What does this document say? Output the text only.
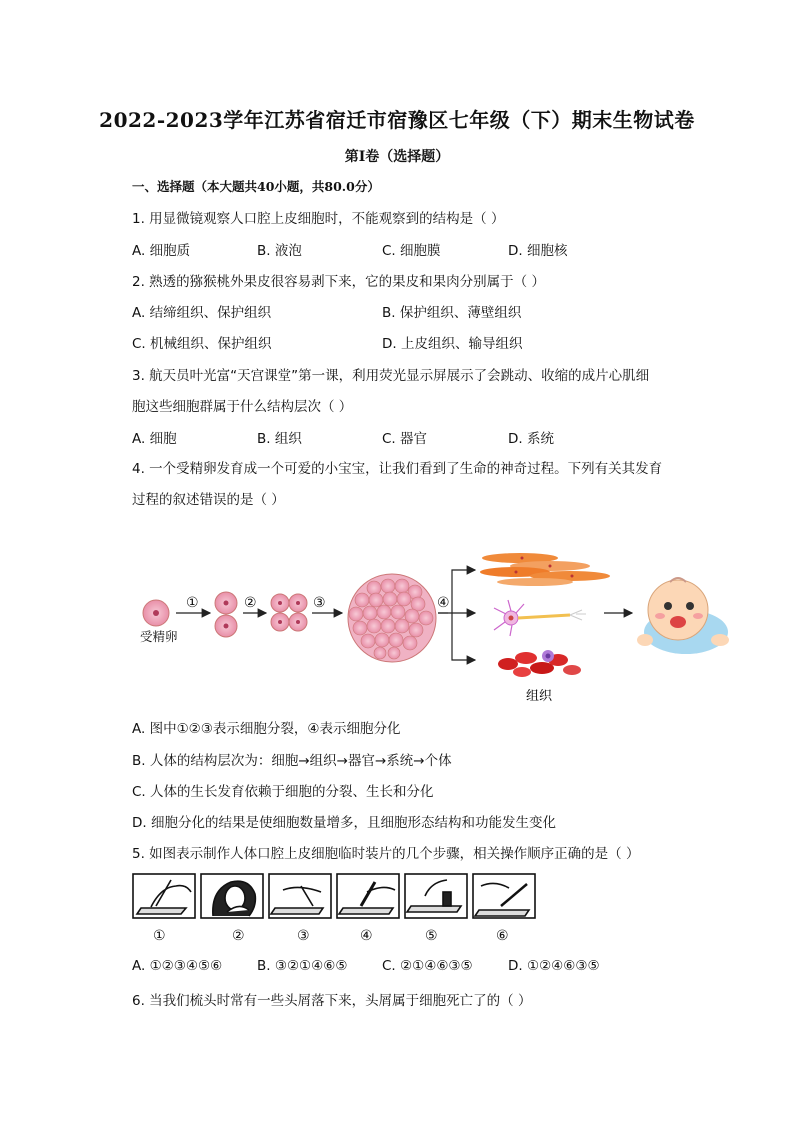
2022-2023学年江苏省宿迁市宿豫区七年级（下）期末生物试卷
第I卷（选择题）
一、选择题（本大题共40小题，共80.0分）
1. 用显微镜观察人口腔上皮细胞时，不能观察到的结构是（ ）
A. 细胞质	B. 液泡	C. 细胞膜	D. 细胞核
2. 熟透的猕猴桃外果皮很容易剥下来，它的果皮和果肉分别属于（ ）
A. 结缔组织、保护组织	B. 保护组织、薄壁组织
C. 机械组织、保护组织	D. 上皮组织、输导组织
3. 航天员叶光富“天宫课堂”第一课，利用荧光显示屏展示了会跳动、收缩的成片心肌细
胞这些细胞群属于什么结构层次（ ）
A. 细胞	B. 组织	C. 器官	D. 系统
4. 一个受精卵发育成一个可爱的小宝宝，让我们看到了生命的神奇过程。下列有关其发育
过程的叙述错误的是（ ）
组织
①	②	③	④
受精卵
A. 图中①②③表示细胞分裂，④表示细胞分化
B. 人体的结构层次为：细胞→组织→器官→系统→个体
C. 人体的生长发育依赖于细胞的分裂、生长和分化
D. 细胞分化的结果是使细胞数量增多，且细胞形态结构和功能发生变化
5. 如图表示制作人体口腔上皮细胞临时装片的几个步骤，相关操作顺序正确的是（ ）
①	②	③	④	⑤	⑥
A. ①②③④⑤⑥	B. ③②①④⑥⑤	C. ②①④⑥③⑤	D. ①②④⑥③⑤
6. 当我们梳头时常有一些头屑落下来，头屑属于细胞死亡了的（ ）
